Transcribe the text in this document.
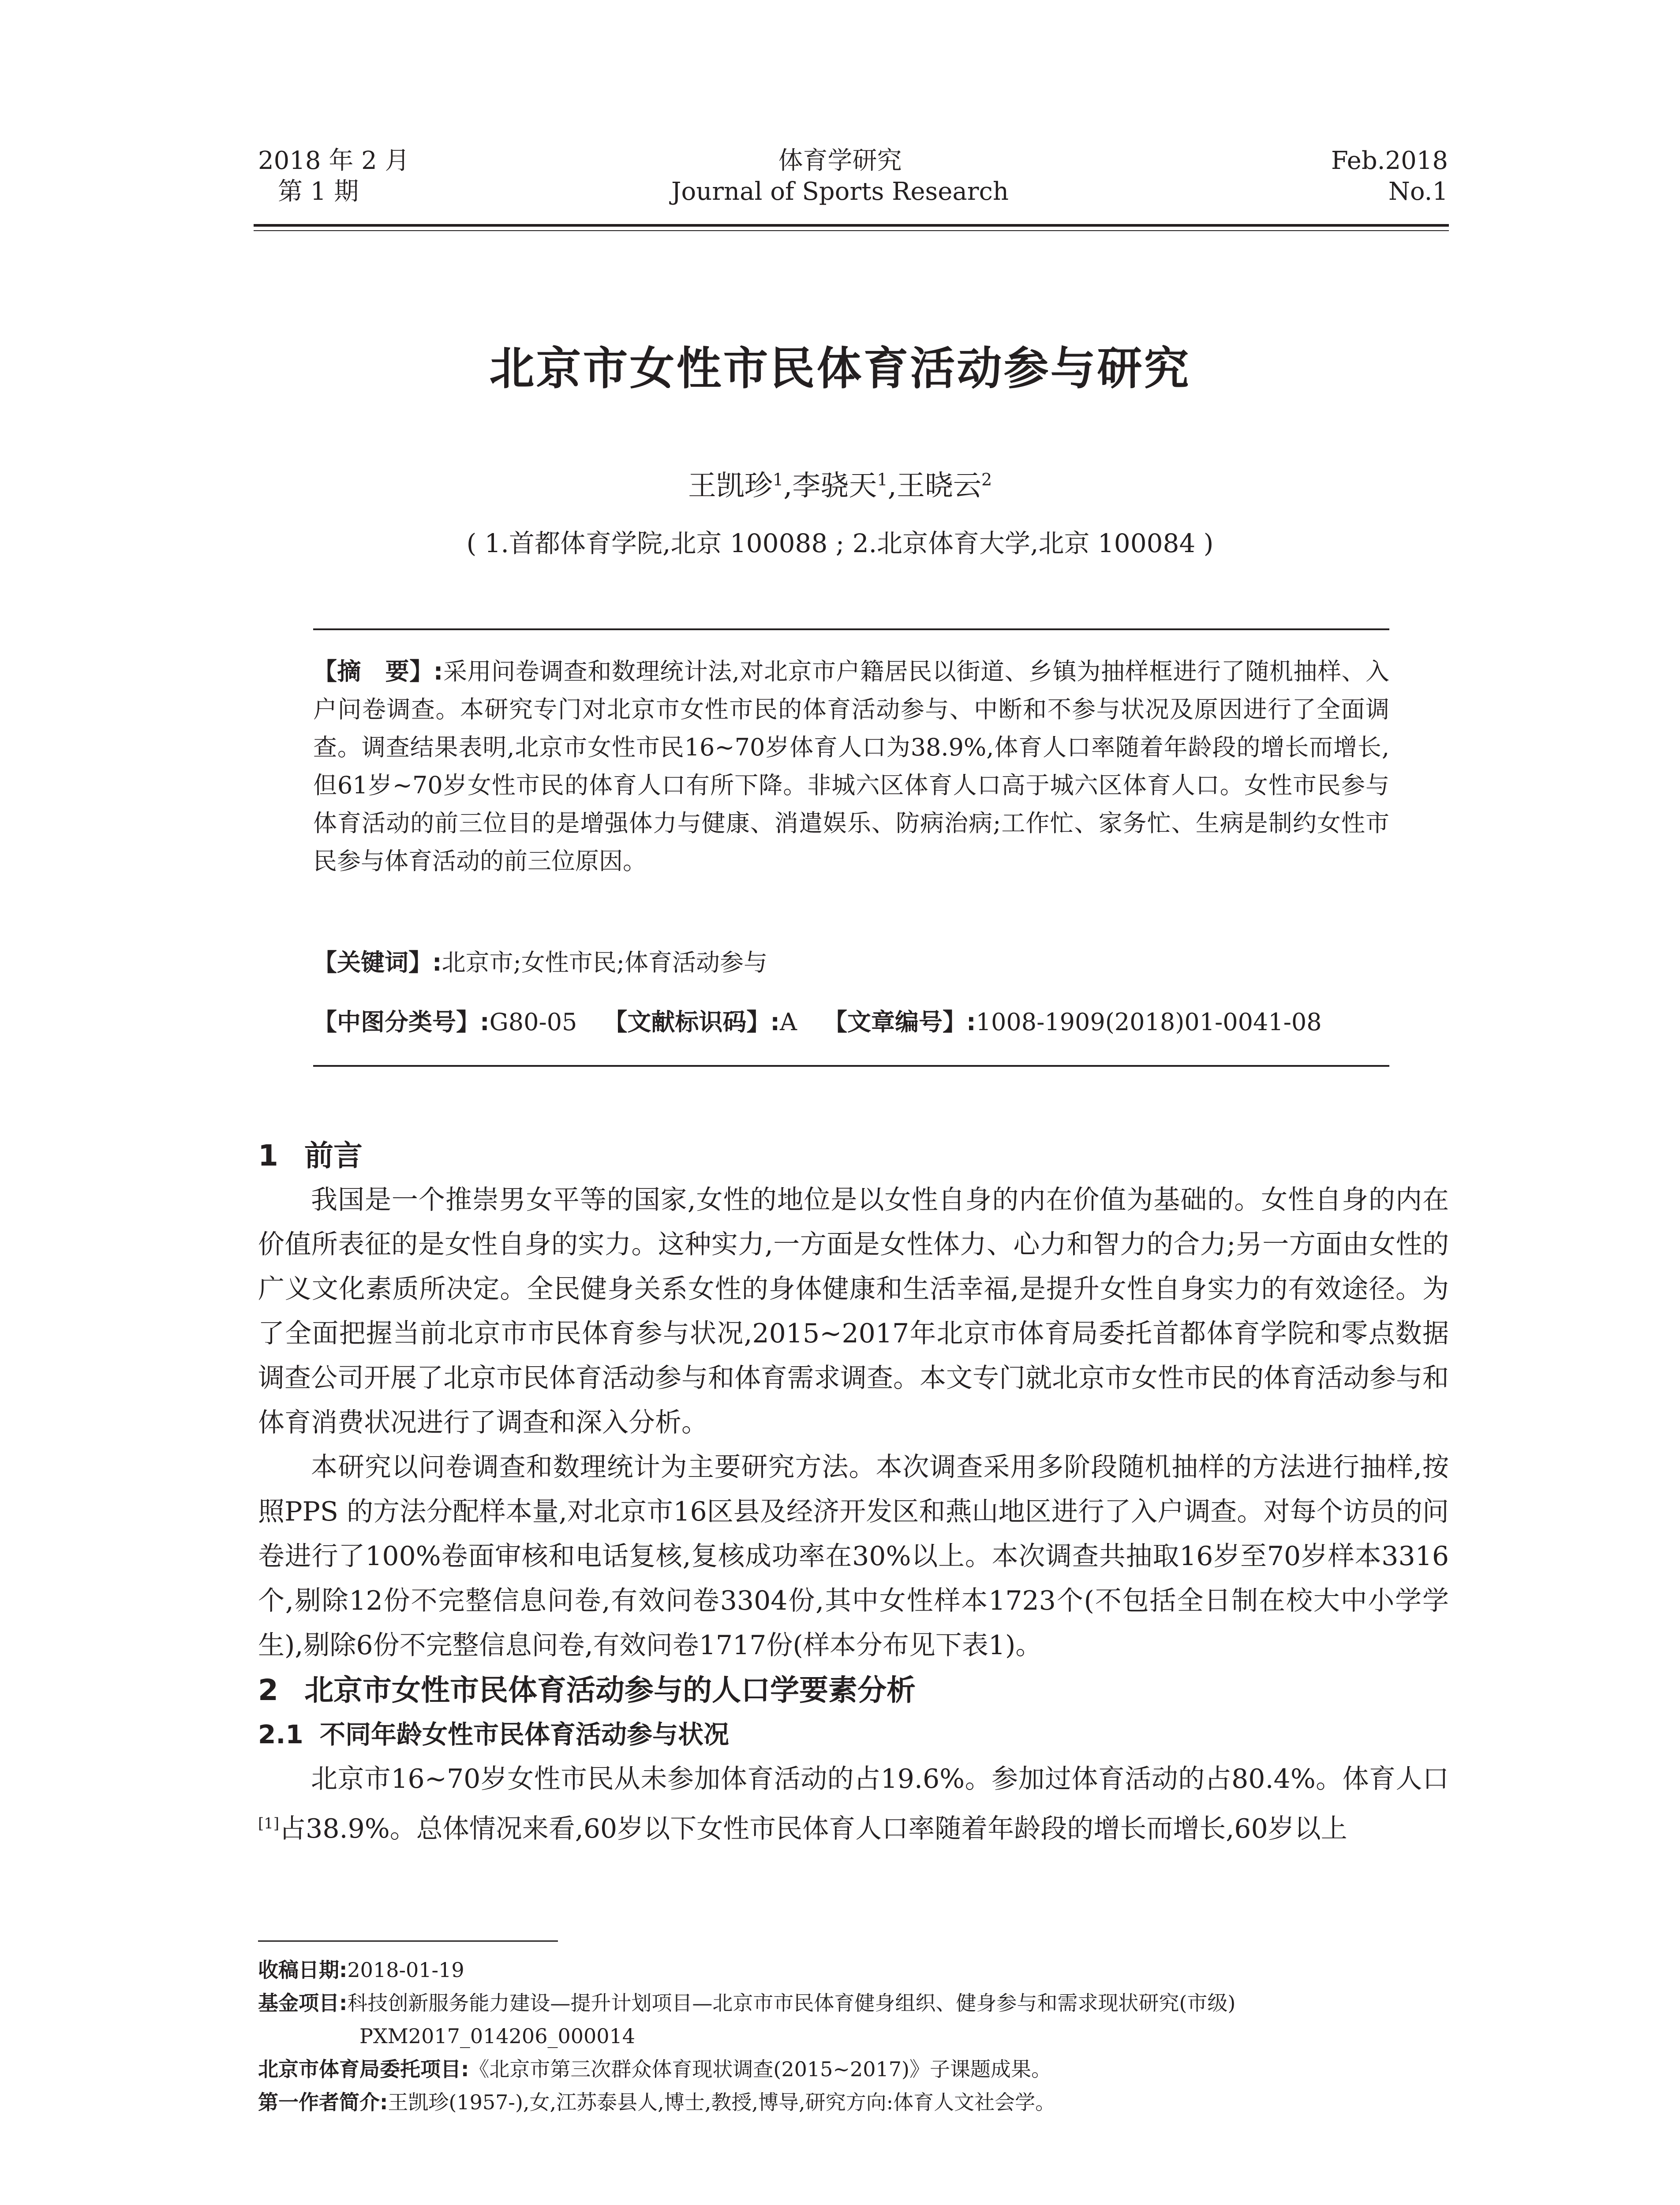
2018 年 2 月
第 1 期
体育学研究
Journal of Sports Research
Feb.2018
No.1
北京市女性市民体育活动参与研究
王凯珍$^1$,李骁天$^1$,王晓云$^2$
( 1.首都体育学院,北京 100088 ; 2.北京体育大学,北京 100084 )
【摘　要】:采用问卷调查和数理统计法,对北京市户籍居民以街道、乡镇为抽样框进行了随机抽样、入户问卷调查。本研究专门对北京市女性市民的体育活动参与、中断和不参与状况及原因进行了全面调查。调查结果表明,北京市女性市民16~70岁体育人口为38.9%,体育人口率随着年龄段的增长而增长,但61岁~70岁女性市民的体育人口有所下降。非城六区体育人口高于城六区体育人口。女性市民参与体育活动的前三位目的是增强体力与健康、消遣娱乐、防病治病;工作忙、家务忙、生病是制约女性市民参与体育活动的前三位原因。
【关键词】:北京市;女性市民;体育活动参与
【中图分类号】:G80-05 【文献标识码】:A 【文章编号】:1008-1909(2018)01-0041-08
1 前言

我国是一个推崇男女平等的国家,女性的地位是以女性自身的内在价值为基础的。女性自身的内在价值所表征的是女性自身的实力。这种实力,一方面是女性体力、心力和智力的合力;另一方面由女性的广义文化素质所决定。全民健身关系女性的身体健康和生活幸福,是提升女性自身实力的有效途径。为了全面把握当前北京市市民体育参与状况,2015~2017年北京市体育局委托首都体育学院和零点数据调查公司开展了北京市民体育活动参与和体育需求调查。本文专门就北京市女性市民的体育活动参与和体育消费状况进行了调查和深入分析。

本研究以问卷调查和数理统计为主要研究方法。本次调查采用多阶段随机抽样的方法进行抽样,按照PPS 的方法分配样本量,对北京市16区县及经济开发区和燕山地区进行了入户调查。对每个访员的问卷进行了100%卷面审核和电话复核,复核成功率在30%以上。本次调查共抽取16岁至70岁样本3316个,剔除12份不完整信息问卷,有效问卷3304份,其中女性样本1723个(不包括全日制在校大中小学学生),剔除6份不完整信息问卷,有效问卷1717份(样本分布见下表1)。

2 北京市女性市民体育活动参与的人口学要素分析
2.1 不同年龄女性市民体育活动参与状况

北京市16~70岁女性市民从未参加体育活动的占19.6%。参加过体育活动的占80.4%。体育人口[1]占38.9%。总体情况来看,60岁以下女性市民体育人口率随着年龄段的增长而增长,60岁以上

收稿日期:2018-01-19
基金项目:科技创新服务能力建设—提升计划项目—北京市市民体育健身组织、健身参与和需求现状研究(市级)
PXM2017_014206_000014
北京市体育局委托项目:《北京市第三次群众体育现状调查(2015~2017)》子课题成果。
第一作者简介:王凯珍(1957-),女,江苏泰县人,博士,教授,博导,研究方向:体育人文社会学。
